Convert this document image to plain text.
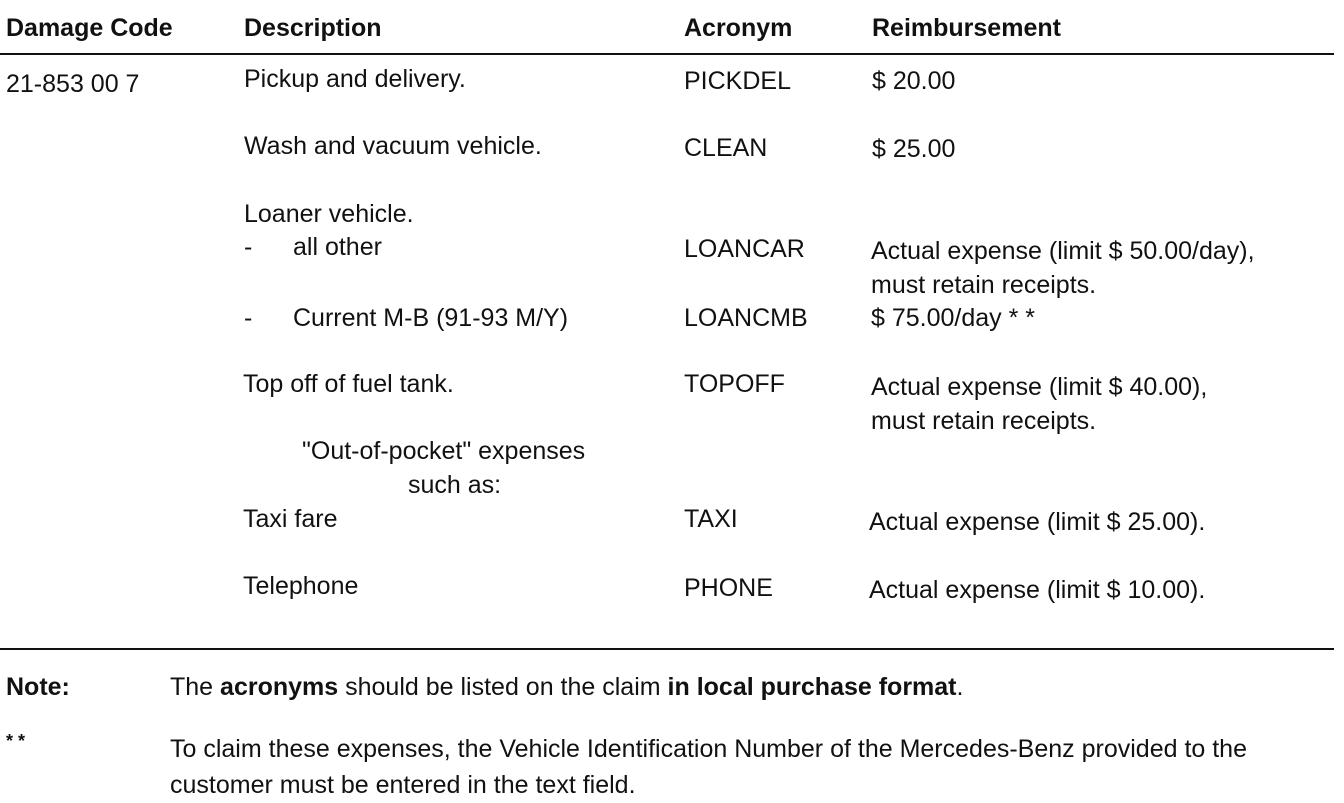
Damage Code	Description	Acronym	Reimbursement
21-853 00 7	Pickup and delivery.	PICKDEL	$ 20.00
Wash and vacuum vehicle.	CLEAN	$ 25.00
Loaner vehicle.
- all other	LOANCAR	Actual expense (limit $ 50.00/day),
must retain receipts.
- Current M-B (91-93 M/Y)	LOANCMB	$ 75.00/day * *
Top off of fuel tank.	TOPOFF	Actual expense (limit $ 40.00),
must retain receipts.
"Out-of-pocket" expenses
such as:
Taxi fare	TAXI	Actual expense (limit $ 25.00).
Telephone	PHONE	Actual expense (limit $ 10.00).
Note:	The acronyms should be listed on the claim in local purchase format.
* *	To claim these expenses, the Vehicle Identification Number of the Mercedes-Benz provided to the customer must be entered in the text field.
